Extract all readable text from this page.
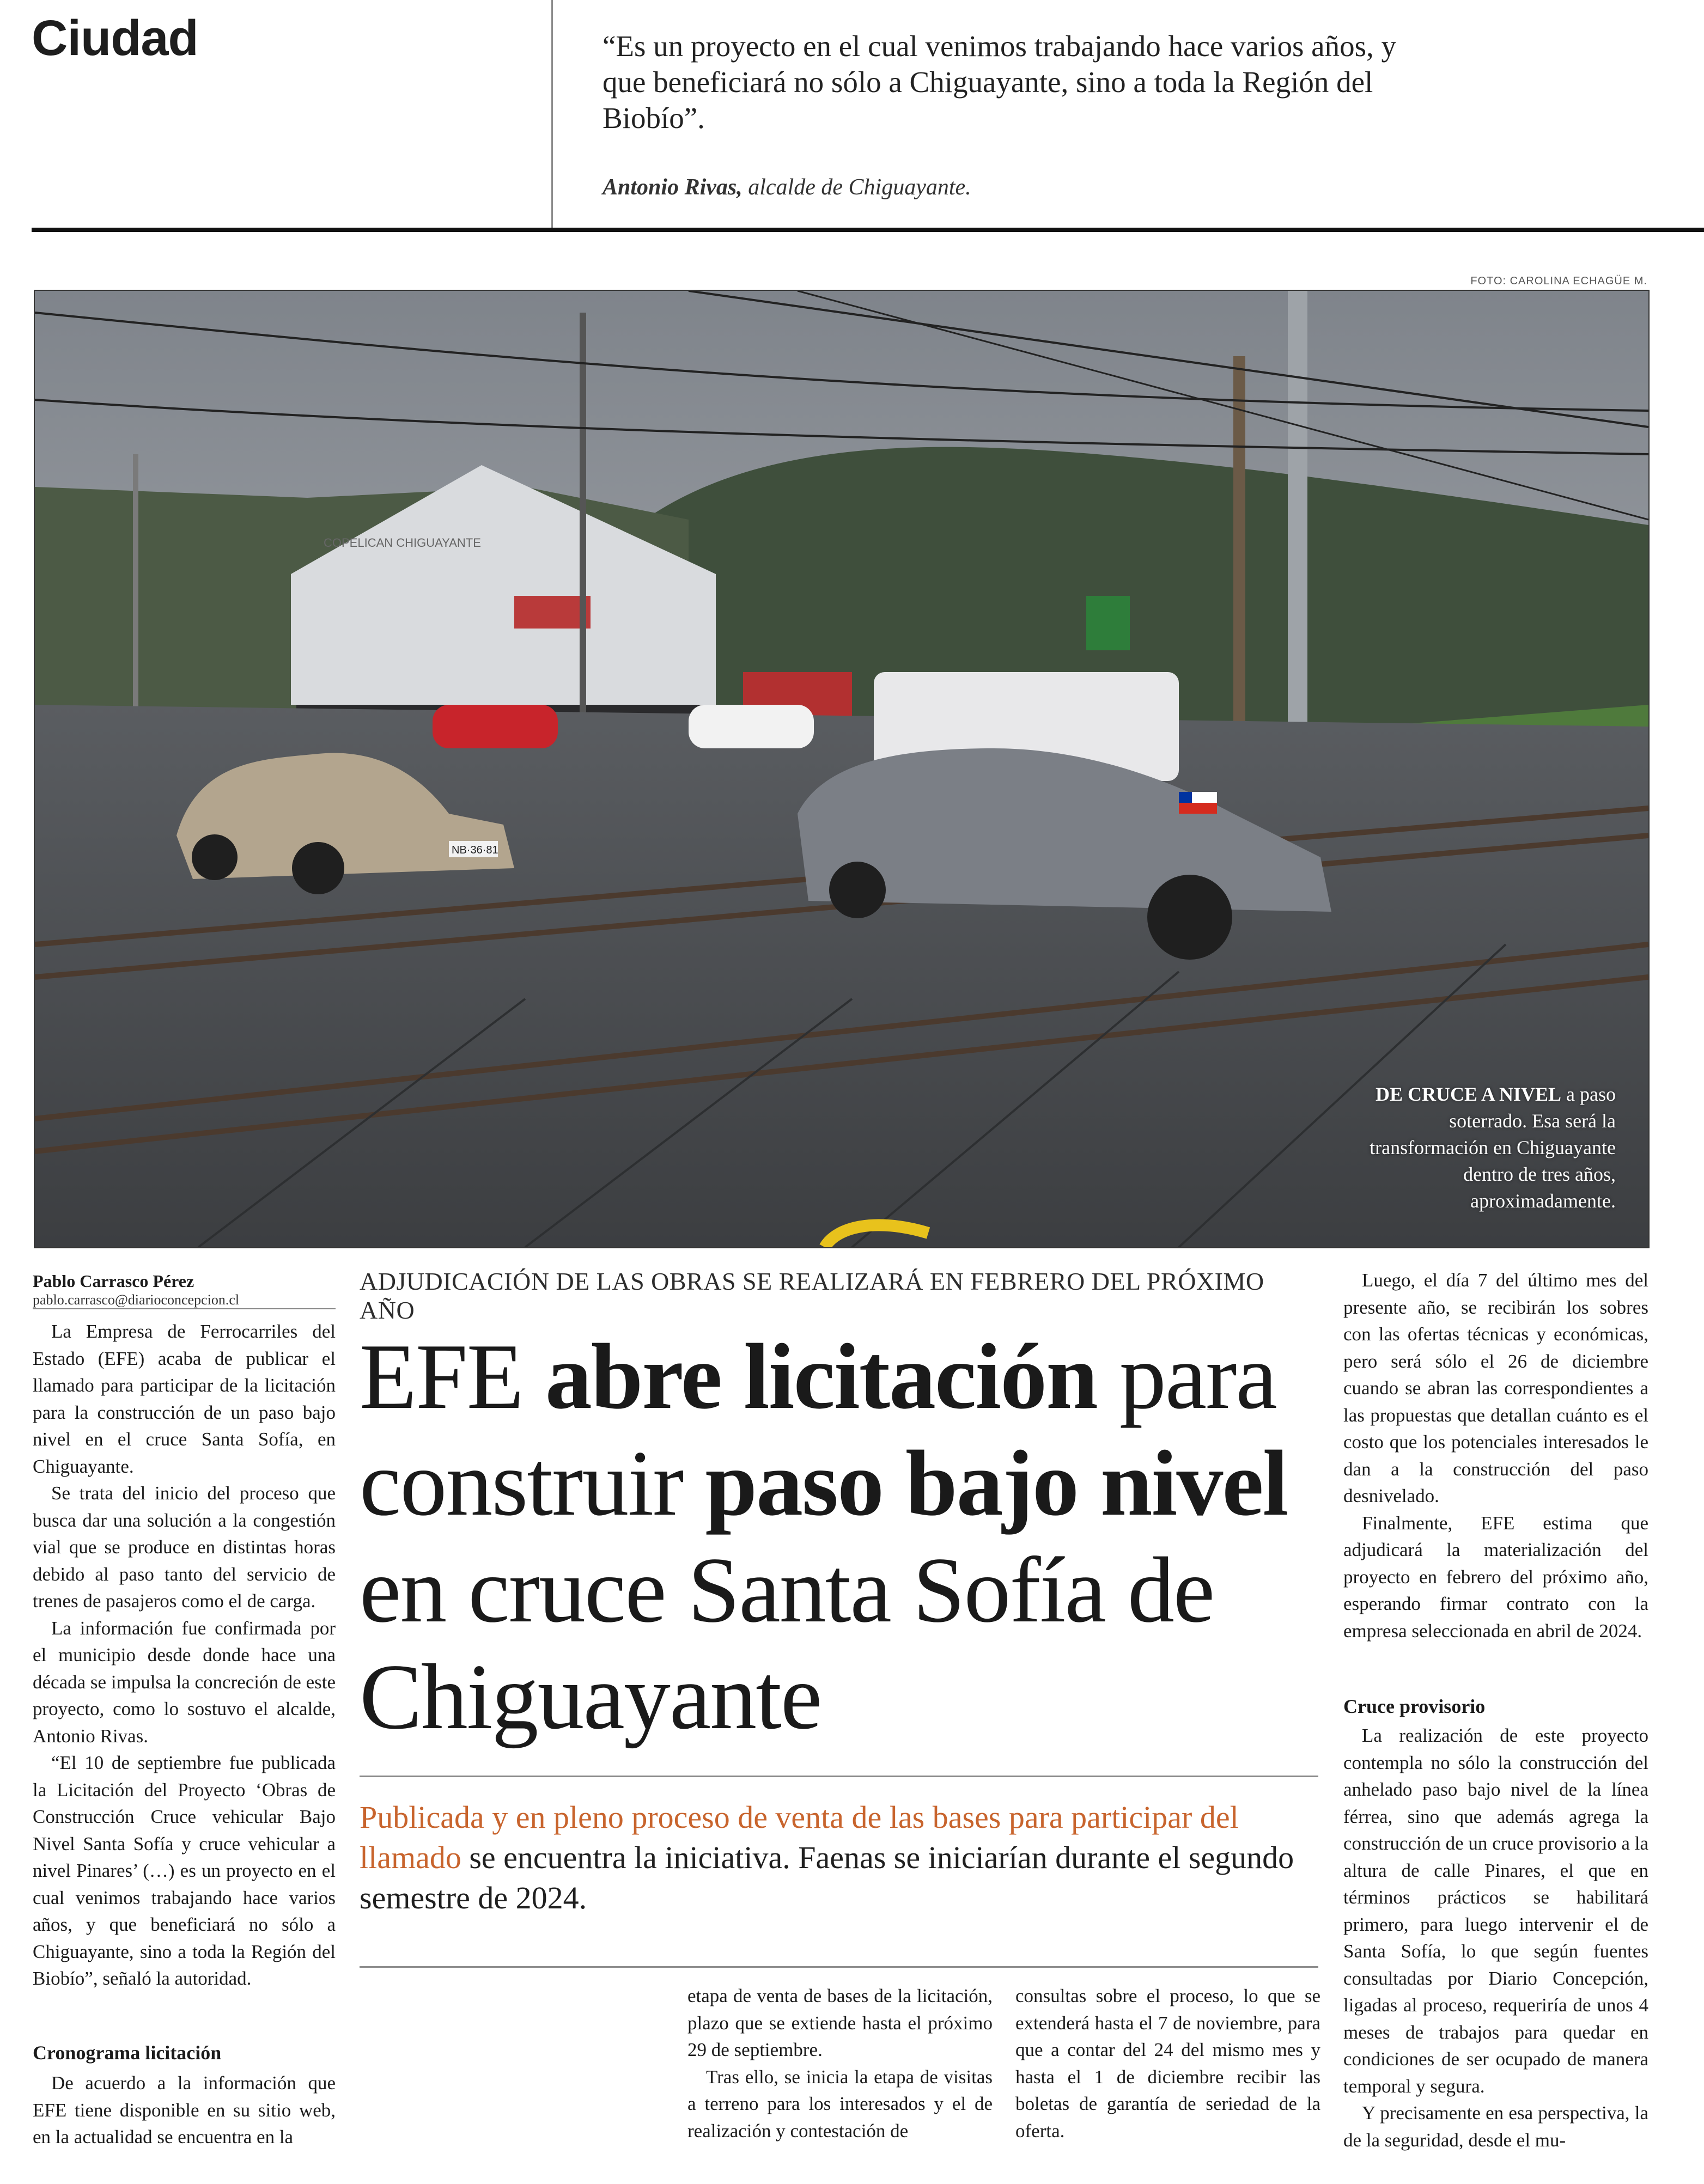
Ciudad	“Es un proyecto en el cual venimos trabajando hace varios años, y que beneficiará no sólo a Chiguayante, sino a toda la Región del Biobío”.
Antonio Rivas, alcalde de Chiguayante.
FOTO: CAROLINA ECHAGÜE M.
COPELICAN CHIGUAYANTE
NB·36·81
DE CRUCE A NIVEL a paso soterrado. Esa será la transformación en Chiguayante dentro de tres años, aproximadamente.
Pablo Carrasco Pérez
pablo.carrasco@diarioconcepcion.cl

La Empresa de Ferrocarriles del Estado (EFE) acaba de publicar el llamado para participar de la licitación para la construcción de un paso bajo nivel en el cruce Santa Sofía, en Chiguayante.

Se trata del inicio del proceso que busca dar una solución a la congestión vial que se produce en distintas horas debido al paso tanto del servicio de trenes de pasajeros como el de carga.

La información fue confirmada por el municipio desde donde hace una década se impulsa la concreción de este proyecto, como lo sostuvo el alcalde, Antonio Rivas.

“El 10 de septiembre fue publicada la Licitación del Proyecto ‘Obras de Construcción Cruce vehicular Bajo Nivel Santa Sofía y cruce vehicular a nivel Pinares’ (…) es un proyecto en el cual venimos trabajando hace varios años, y que beneficiará no sólo a Chiguayante, sino a toda la Región del Biobío”, señaló la autoridad.

Cronograma licitación

De acuerdo a la información que EFE tiene disponible en su sitio web, en la actualidad se encuentra en la

ADJUDICACIÓN DE LAS OBRAS SE REALIZARÁ EN FEBRERO DEL PRÓXIMO AÑO
EFE abre licitación para construir paso bajo nivel en cruce Santa Sofía de Chiguayante
Publicada y en pleno proceso de venta de las bases para participar del llamado se encuentra la iniciativa. Faenas se iniciarían durante el segundo semestre de 2024.

etapa de venta de bases de la licitación, plazo que se extiende hasta el próximo 29 de septiembre.

Tras ello, se inicia la etapa de visitas a terreno para los interesados y el de realización y contestación de

consultas sobre el proceso, lo que se extenderá hasta el 7 de noviembre, para que a contar del 24 del mismo mes y hasta el 1 de diciembre recibir las boletas de garantía de seriedad de la oferta.

Luego, el día 7 del último mes del presente año, se recibirán los sobres con las ofertas técnicas y económicas, pero será sólo el 26 de diciembre cuando se abran las correspondientes a las propuestas que detallan cuánto es el costo que los potenciales interesados le dan a la construcción del paso desnivelado.

Finalmente, EFE estima que adjudicará la materialización del proyecto en febrero del próximo año, esperando firmar contrato con la empresa seleccionada en abril de 2024.

Cruce provisorio

La realización de este proyecto contempla no sólo la construcción del anhelado paso bajo nivel de la línea férrea, sino que además agrega la construcción de un cruce provisorio a la altura de calle Pinares, el que en términos prácticos se habilitará primero, para luego intervenir el de Santa Sofía, lo que según fuentes consultadas por Diario Concepción, ligadas al proceso, requeriría de unos 4 meses de trabajos para quedar en condiciones de ser ocupado de manera temporal y segura.

Y precisamente en esa perspectiva, la de la seguridad, desde el mu-
